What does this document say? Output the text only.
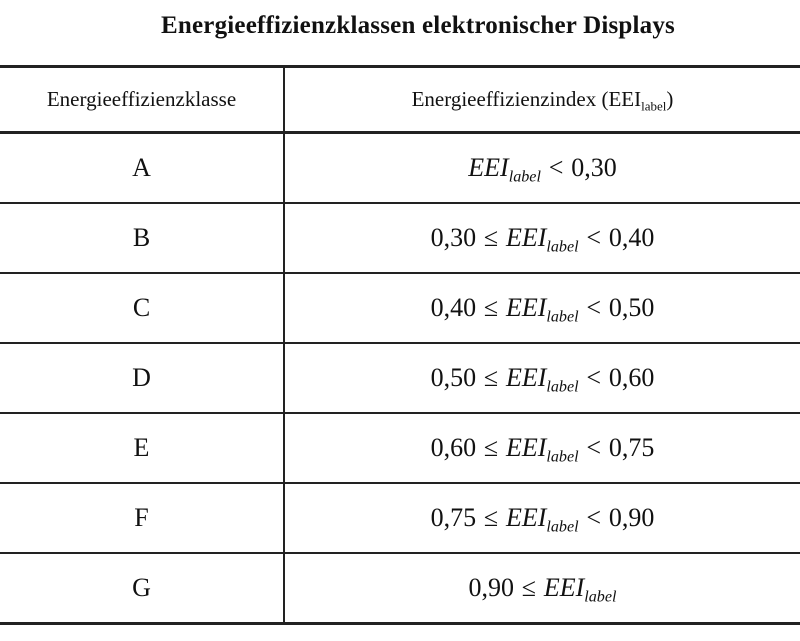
Energieeffizienzklassen elektronischer Displays
Energieeffizienzklasse	Energieeffizienzindex $(EEI_{label})$
A	$EEI_{label} < 0,30$
B	$0,30 \le EEI_{label} < 0,40$
C	$0,40 \le EEI_{label} < 0,50$
D	$0,50 \le EEI_{label} < 0,60$
E	$0,60 \le EEI_{label} < 0,75$
F	$0,75 \le EEI_{label} < 0,90$
G	$0,90 \le EEI_{label}$
